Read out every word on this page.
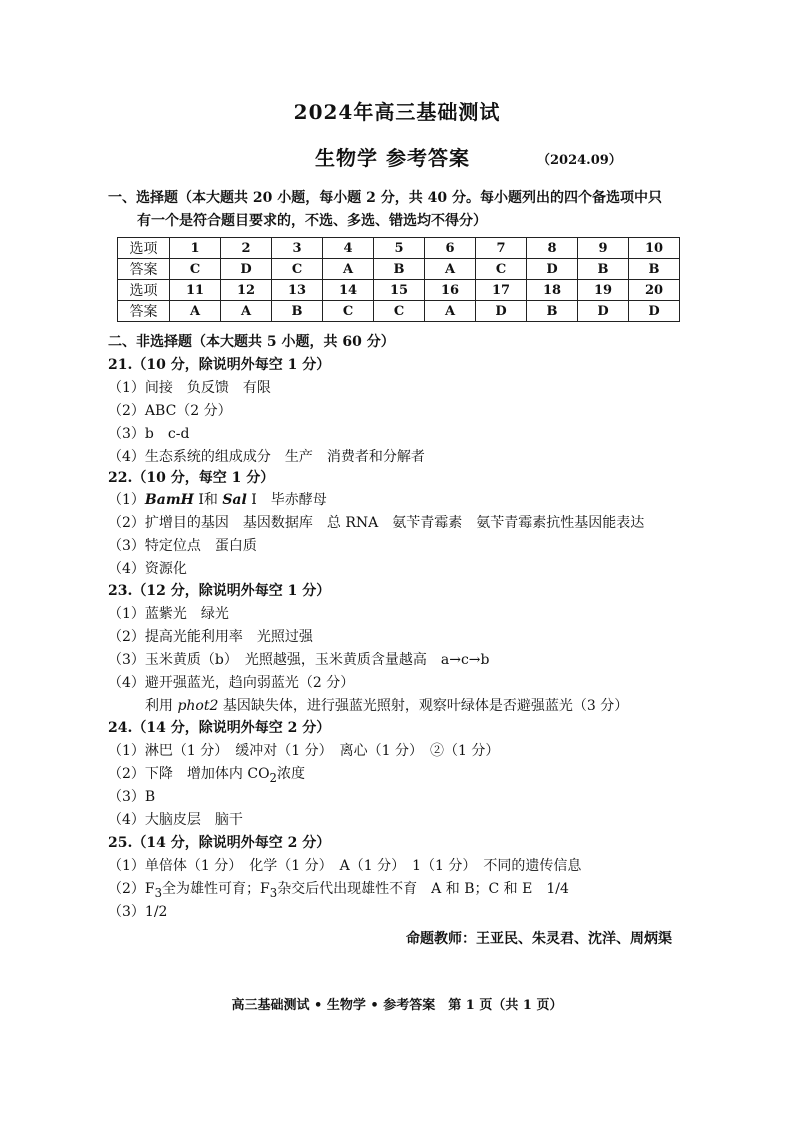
2024年高三基础测试
生物学 参考答案	（2024.09）
一、选择题（本大题共 20 小题，每小题 2 分，共 40 分。每小题列出的四个备选项中只
有一个是符合题目要求的，不选、多选、错选均不得分）
选项	1	2	3	4	5	6	7	8	9	10
答案	C	D	C	A	B	A	C	D	B	B
选项	11	12	13	14	15	16	17	18	19	20
答案	A	A	B	C	C	A	D	B	D	D
二、非选择题（本大题共 5 小题，共 60 分）
21.（10 分，除说明外每空 1 分）
（1）间接　负反馈　有限
（2）ABC（2 分）
（3）b　c-d
（4）生态系统的组成成分　生产　消费者和分解者
22.（10 分，每空 1 分）
（1）BamH Ⅰ和 Sal Ⅰ　毕赤酵母
（2）扩增目的基因　基因数据库　总 RNA　氨苄青霉素　氨苄青霉素抗性基因能表达
（3）特定位点　蛋白质
（4）资源化
23.（12 分，除说明外每空 1 分）
（1）蓝紫光　绿光
（2）提高光能利用率　光照过强
（3）玉米黄质（b）　光照越强，玉米黄质含量越高　a→c→b
（4）避开强蓝光，趋向弱蓝光（2 分）
利用 phot2 基因缺失体，进行强蓝光照射，观察叶绿体是否避强蓝光（3 分）
24.（14 分，除说明外每空 2 分）
（1）淋巴（1 分）　缓冲对（1 分）　离心（1 分）　②（1 分）
（2）下降　增加体内 $CO_2$浓度
（3）B
（4）大脑皮层　脑干
25.（14 分，除说明外每空 2 分）
（1）单倍体（1 分）　化学（1 分）　A（1 分）　1（1 分）　不同的遗传信息
$(2)F_3$全为雄性可育；$F_3$杂交后代出现雄性不育　A 和 B；C 和 E　1/4
（3）1/2
命题教师：王亚民、朱灵君、沈洋、周炳渠
高三基础测试 • 生物学 • 参考答案　第 1 页（共 1 页）
